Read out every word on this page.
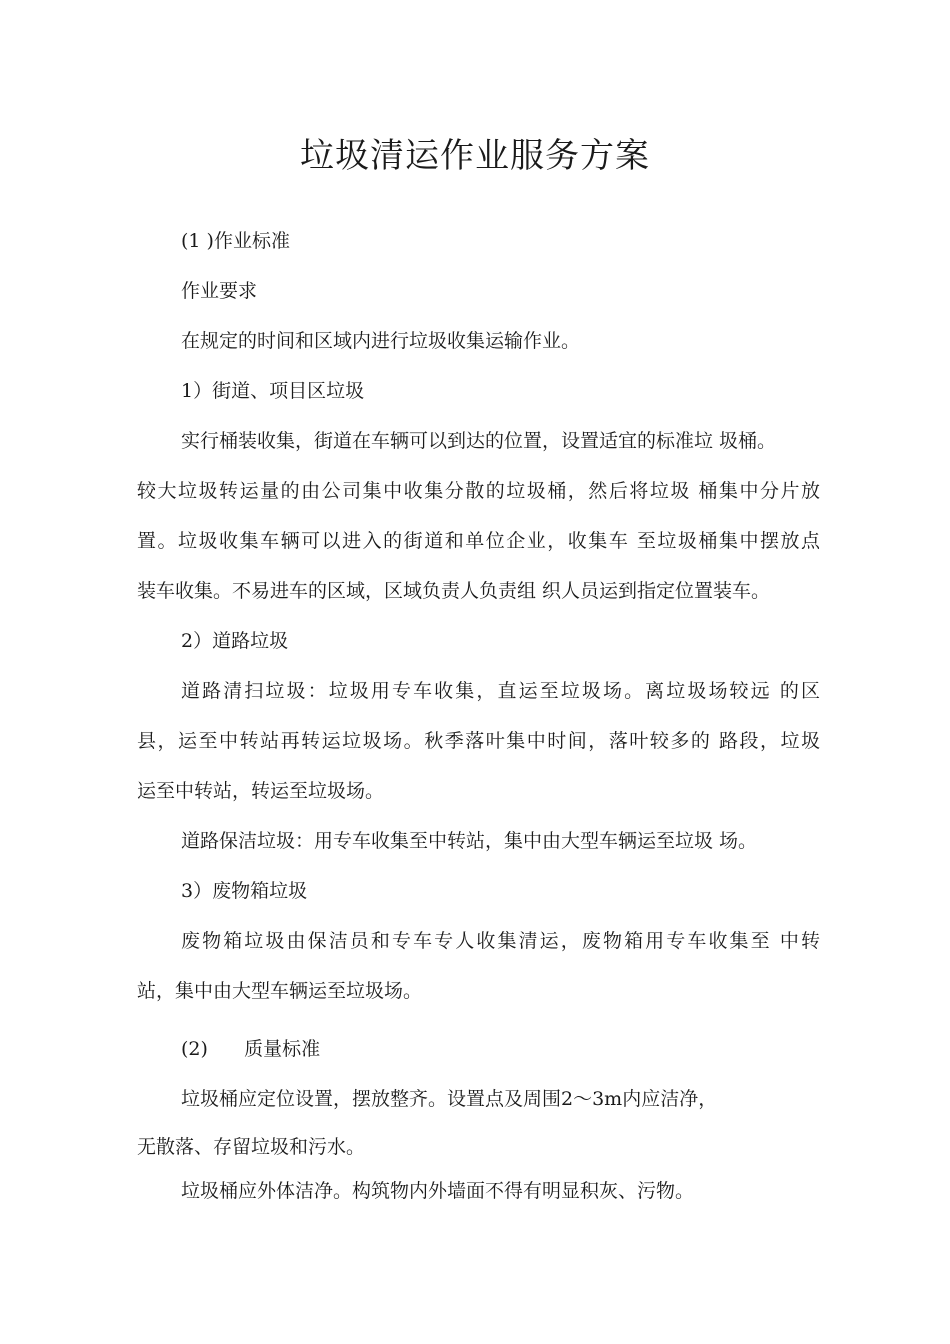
垃圾清运作业服务方案
(1 )作业标准
作业要求
在规定的时间和区域内进行垃圾收集运输作业。
1）街道、项目区垃圾
实行桶装收集，街道在车辆可以到达的位置，设置适宜的标准垃 圾桶。
较大垃圾转运量的由公司集中收集分散的垃圾桶，然后将垃圾 桶集中分片放
置。垃圾收集车辆可以进入的街道和单位企业，收集车 至垃圾桶集中摆放点
装车收集。不易进车的区域，区域负责人负责组 织人员运到指定位置装车。
2）道路垃圾
道路清扫垃圾：垃圾用专车收集，直运至垃圾场。离垃圾场较远 的区
县，运至中转站再转运垃圾场。秋季落叶集中时间，落叶较多的 路段，垃圾
运至中转站，转运至垃圾场。
道路保洁垃圾：用专车收集至中转站，集中由大型车辆运至垃圾 场。
3）废物箱垃圾
废物箱垃圾由保洁员和专车专人收集清运，废物箱用专车收集至 中转
站，集中由大型车辆运至垃圾场。
(2)      质量标准
垃圾桶应定位设置，摆放整齐。设置点及周围2〜3m内应洁净，
无散落、存留垃圾和污水。
垃圾桶应外体洁净。构筑物内外墙面不得有明显积灰、污物。
